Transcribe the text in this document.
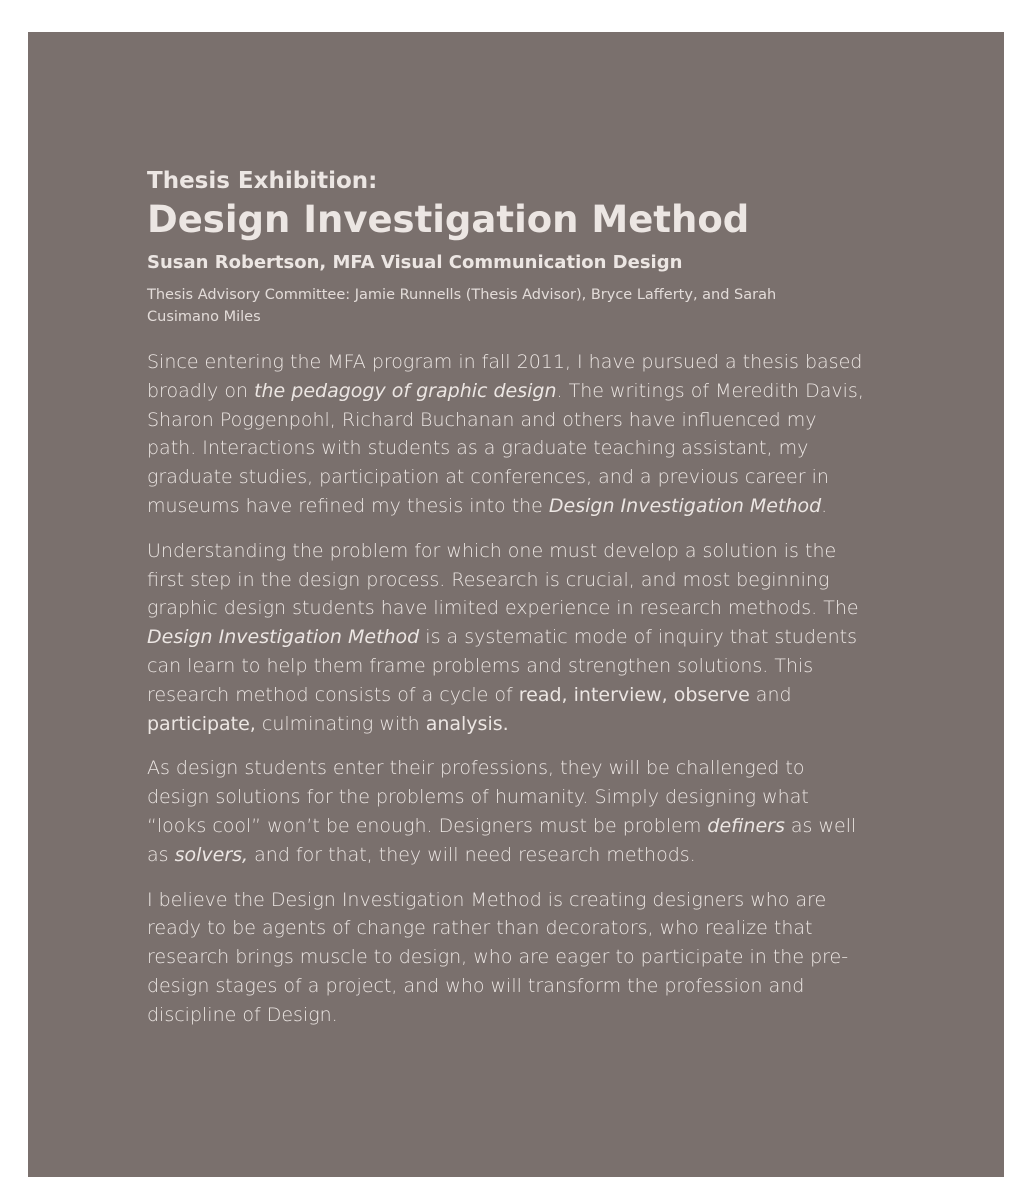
Thesis Exhibition:

Design Investigation Method

Susan Robertson, MFA Visual Communication Design

Thesis Advisory Committee: Jamie Runnells (Thesis Advisor), Bryce Lafferty, and Sarah Cusimano Miles

Since entering the MFA program in fall 2011, I have pursued a thesis based broadly on the pedagogy of graphic design. The writings of Meredith Davis, Sharon Poggenpohl, Richard Buchanan and others have influenced my path. Interactions with students as a graduate teaching assistant, my graduate studies, participation at conferences, and a previous career in museums have refined my thesis into the Design Investigation Method.

Understanding the problem for which one must develop a solution is the first step in the design process. Research is crucial, and most beginning graphic design students have limited experience in research methods. The Design Investigation Method is a systematic mode of inquiry that students can learn to help them frame problems and strengthen solutions. This research method consists of a cycle of read, interview, observe and participate, culminating with analysis.

As design students enter their professions, they will be challenged to design solutions for the problems of humanity. Simply designing what “looks cool” won’t be enough. Designers must be problem definers as well as solvers, and for that, they will need research methods.

I believe the Design Investigation Method is creating designers who are ready to be agents of change rather than decorators, who realize that research brings muscle to design, who are eager to participate in the pre-design stages of a project, and who will transform the profession and discipline of Design.
